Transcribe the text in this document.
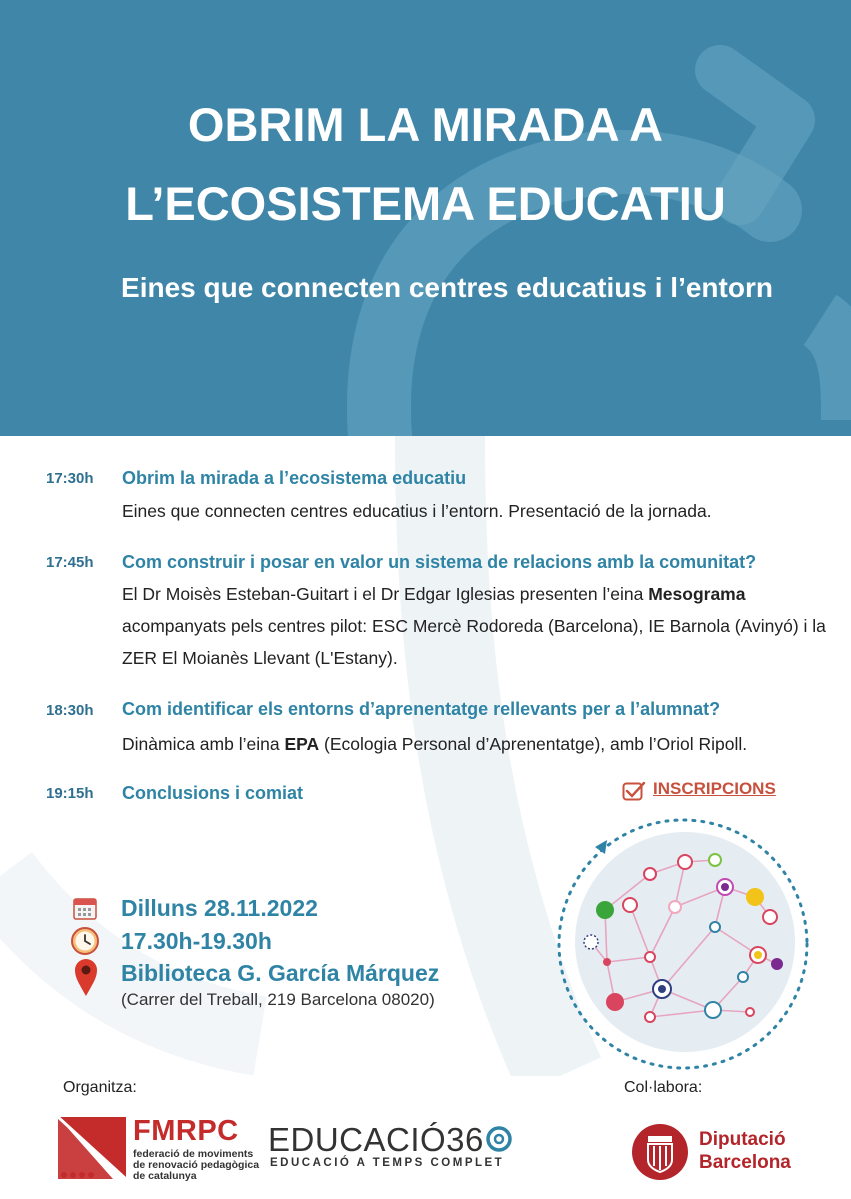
OBRIM LA MIRADA A
L’ECOSISTEMA EDUCATIU
Eines que connecten centres educatius i l’entorn
17:30h Obrim la mirada a l’ecosistema educatiu

Eines que connecten centres educatius i l’entorn. Presentació de la jornada.

17:45h Com construir i posar en valor un sistema de relacions amb la comunitat?

El Dr Moisès Esteban-Guitart i el Dr Edgar Iglesias presenten l’eina Mesograma acompanyats pels centres pilot: ESC Mercè Rodoreda (Barcelona), IE Barnola (Avinyó) i la ZER El Moianès Llevant (L'Estany).

18:30h Com identificar els entorns d’aprenentatge rellevants per a l’alumnat?

Dinàmica amb l’eina EPA (Ecologia Personal d’Aprenentatge), amb l’Oriol Ripoll.

19:15h Conclusions i comiat	INSCRIPCIONS
Dilluns 28.11.2022
17.30h-19.30h
Biblioteca G. García Márquez
(Carrer del Treball, 219 Barcelona 08020)
Organitza:	Col·labora:
FMRPC
federació de moviments
de renovació pedagògica
de catalunya
EDUCACIÓ36
EDUCACIÓ A TEMPS COMPLET
Diputació
Barcelona
